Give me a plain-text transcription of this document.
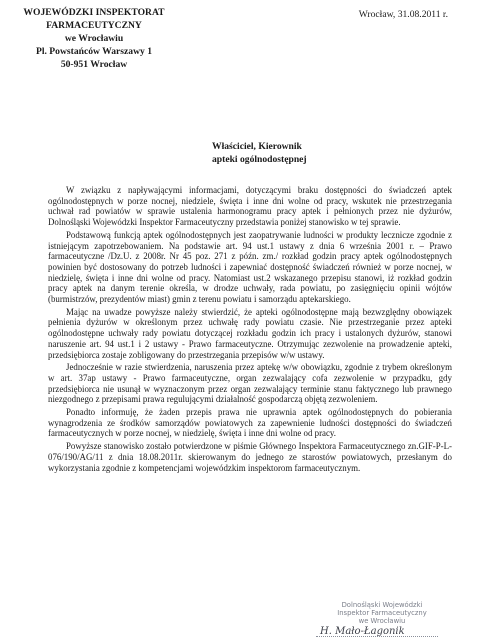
WOJEWÓDZKI INSPEKTORAT
FARMACEUTYCZNY
we Wrocławiu
Pl. Powstańców Warszawy 1
50-951 Wrocław
Wrocław, 31.08.2011 r.
Właściciel, Kierownik
apteki ogólnodostępnej

W związku z napływającymi informacjami, dotyczącymi braku dostępności do świadczeń aptek ogólnodostępnych w porze nocnej, niedziele, święta i inne dni wolne od pracy, wskutek nie przestrzegania uchwał rad powiatów w sprawie ustalenia harmonogramu pracy aptek i pełnionych przez nie dyżurów, Dolnośląski Wojewódzki Inspektor Farmaceutyczny przedstawia poniżej stanowisko w tej sprawie.

Podstawową funkcją aptek ogólnodostępnych jest zaopatrywanie ludności w produkty lecznicze zgodnie z istniejącym zapotrzebowaniem. Na podstawie art. 94 ust.1 ustawy z dnia 6 września 2001 r. – Prawo farmaceutyczne /Dz.U. z 2008r. Nr 45 poz. 271 z późn. zm./ rozkład godzin pracy aptek ogólnodostępnych powinien być dostosowany do potrzeb ludności i zapewniać dostępność świadczeń również w porze nocnej, w niedzielę, święta i inne dni wolne od pracy. Natomiast ust.2 wskazanego przepisu stanowi, iż rozkład godzin pracy aptek na danym terenie określa, w drodze uchwały, rada powiatu, po zasięgnięciu opinii wójtów (burmistrzów, prezydentów miast) gmin z terenu powiatu i samorządu aptekarskiego.

Mając na uwadze powyższe należy stwierdzić, że apteki ogólnodostępne mają bezwzględny obowiązek pełnienia dyżurów w określonym przez uchwałę rady powiatu czasie. Nie przestrzeganie przez apteki ogólnodostępne uchwały rady powiatu dotyczącej rozkładu godzin ich pracy i ustalonych dyżurów, stanowi naruszenie art. 94 ust.1 i 2 ustawy - Prawo farmaceutyczne. Otrzymując zezwolenie na prowadzenie apteki, przedsiębiorca zostaje zobligowany do przestrzegania przepisów w/w ustawy.

Jednocześnie w razie stwierdzenia, naruszenia przez aptekę w/w obowiązku, zgodnie z trybem określonym w art. 37ap ustawy - Prawo farmaceutyczne, organ zezwalający cofa zezwolenie w przypadku, gdy przedsiębiorca nie usunął w wyznaczonym przez organ zezwalający terminie stanu faktycznego lub prawnego niezgodnego z przepisami prawa regulującymi działalność gospodarczą objętą zezwoleniem.

Ponadto informuję, że żaden przepis prawa nie uprawnia aptek ogólnodostępnych do pobierania wynagrodzenia ze środków samorządów powiatowych za zapewnienie ludności dostępności do świadczeń farmaceutycznych w porze nocnej, w niedzielę, święta i inne dni wolne od pracy.

Powyższe stanowisko zostało potwierdzone w piśmie Głównego Inspektora Farmaceutycznego zn.GIF-P-L-076/190/AG/11 z dnia 18.08.2011r. skierowanym do jednego ze starostów powiatowych, przesłanym do wykorzystania zgodnie z kompetencjami wojewódzkim inspektorom farmaceutycznym.

Dolnośląski Wojewódzki
Inspektor Farmaceutyczny
we Wrocławiu
H. Mało-Łagonik
